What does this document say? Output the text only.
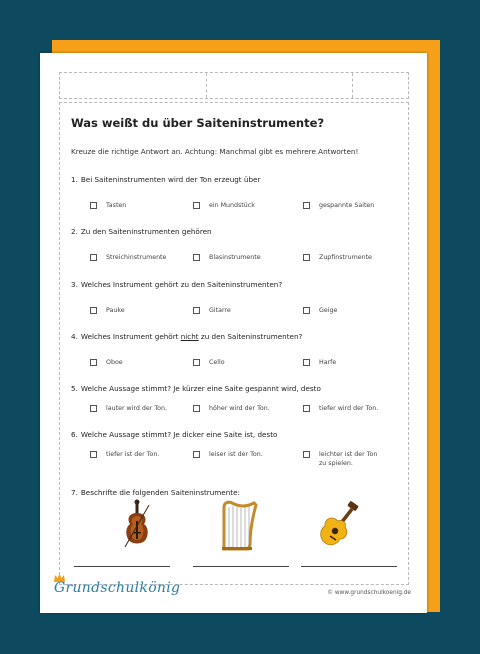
Was weißt du über Saiteninstrumente?
Kreuze die richtige Antwort an. Achtung: Manchmal gibt es mehrere Antworten!
1. Bei Saiteninstrumenten wird der Ton erzeugt über
Tasten	ein Mundstück	gespannte Saiten
2. Zu den Saiteninstrumenten gehören
Streichinstrumente	Blasinstrumente	Zupfinstrumente
3. Welches Instrument gehört zu den Saiteninstrumenten?
Pauke	Gitarre	Geige
4. Welches Instrument gehört nicht zu den Saiteninstrumenten?
Oboe	Cello	Harfe
5. Welche Aussage stimmt? Je kürzer eine Saite gespannt wird, desto
lauter wird der Ton.	höher wird der Ton.	tiefer wird der Ton.
6. Welche Aussage stimmt? Je dicker eine Saite ist, desto
tiefer ist der Ton.	leiser ist der Ton.	leichter ist der Ton zu spielen.
7. Beschrifte die folgenden Saiteninstrumente:
Grundschulkönig	© www.grundschulkoenig.de
